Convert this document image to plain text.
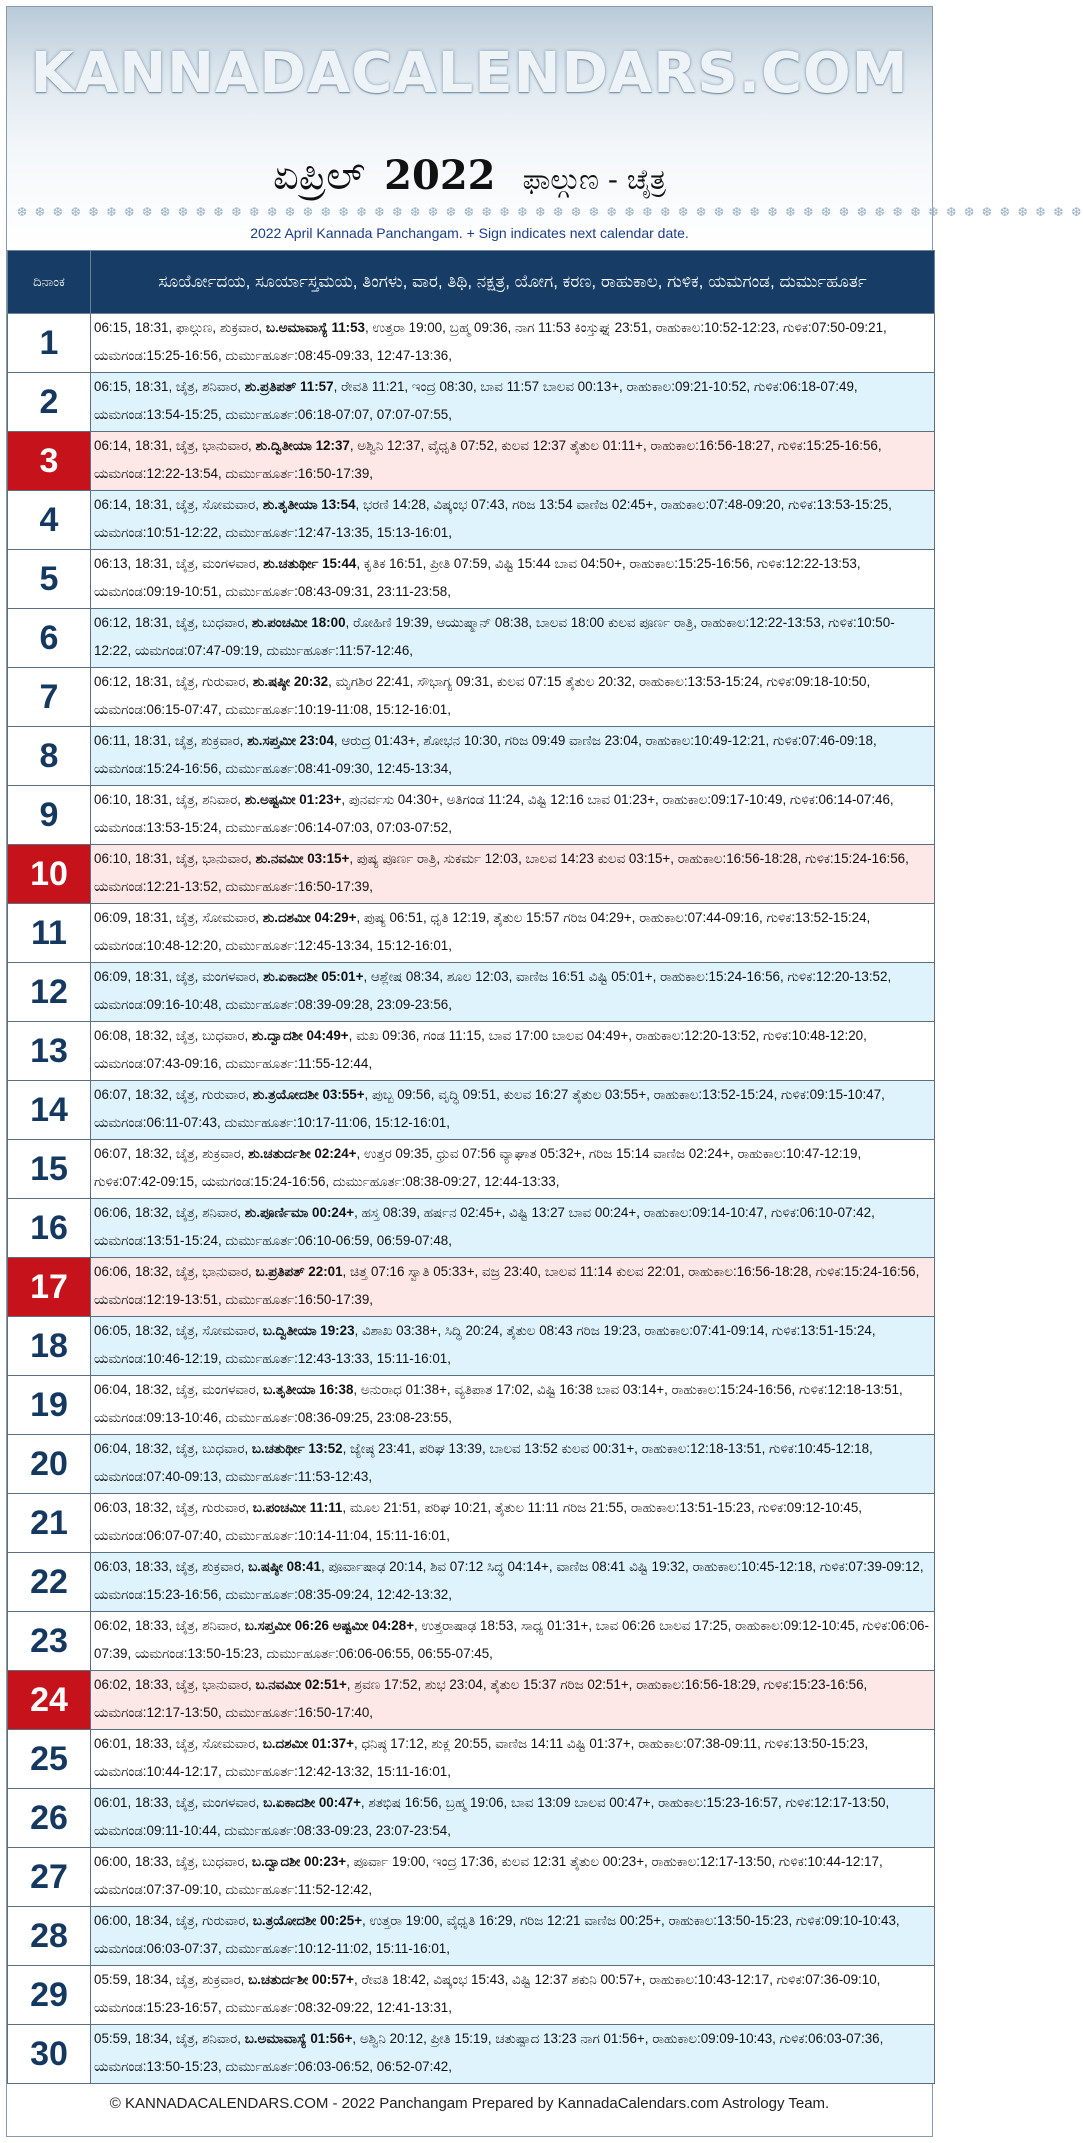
KANNADACALENDARS.COM
ಏಪ್ರಿಲ್ 2022 ಫಾಲ್ಗುಣ - ಚೈತ್ರ
❆ ❆ ❆ ❆ ❆ ❆ ❆ ❆ ❆ ❆ ❆ ❆ ❆ ❆ ❆ ❆ ❆ ❆ ❆ ❆ ❆ ❆ ❆ ❆ ❆ ❆ ❆ ❆ ❆ ❆ ❆ ❆ ❆ ❆ ❆ ❆ ❆ ❆ ❆ ❆ ❆ ❆ ❆ ❆ ❆ ❆ ❆ ❆ ❆ ❆ ❆ ❆ ❆ ❆ ❆ ❆ ❆ ❆ ❆ ❆
2022 April Kannada Panchangam. + Sign indicates next calendar date.
ದಿನಾಂಕ	ಸೂರ್ಯೋದಯ, ಸೂರ್ಯಾಸ್ತಮಯ, ತಿಂಗಳು, ವಾರ, ತಿಥಿ, ನಕ್ಷತ್ರ, ಯೋಗ, ಕರಣ, ರಾಹುಕಾಲ, ಗುಳಿಕ, ಯಮಗಂಡ, ದುರ್ಮುಹೂರ್ತ
1	06:15, 18:31, ಫಾಲ್ಗುಣ, ಶುಕ್ರವಾರ, ಬ.ಅಮಾವಾಸ್ಯೆ 11:53, ಉತ್ತರಾ 19:00, ಬ್ರಹ್ಮ 09:36, ನಾಗ 11:53 ಕಿಂಸ್ತುಘ್ನ 23:51, ರಾಹುಕಾಲ:10:52-12:23, ಗುಳಿಕ:07:50-09:21, ಯಮಗಂಡ:15:25-16:56, ದುರ್ಮುಹೂರ್ತ:08:45-09:33, 12:47-13:36,
2	06:15, 18:31, ಚೈತ್ರ, ಶನಿವಾರ, ಶು.ಪ್ರತಿಪತ್ 11:57, ರೇವತಿ 11:21, ಇಂದ್ರ 08:30, ಬಾವ 11:57 ಬಾಲವ 00:13+, ರಾಹುಕಾಲ:09:21-10:52, ಗುಳಿಕ:06:18-07:49, ಯಮಗಂಡ:13:54-15:25, ದುರ್ಮುಹೂರ್ತ:06:18-07:07, 07:07-07:55,
3	06:14, 18:31, ಚೈತ್ರ, ಭಾನುವಾರ, ಶು.ದ್ವಿತೀಯಾ 12:37, ಅಶ್ವಿನಿ 12:37, ವೈಧೃತಿ 07:52, ಕುಲವ 12:37 ತೈತುಲ 01:11+, ರಾಹುಕಾಲ:16:56-18:27, ಗುಳಿಕ:15:25-16:56, ಯಮಗಂಡ:12:22-13:54, ದುರ್ಮುಹೂರ್ತ:16:50-17:39,
4	06:14, 18:31, ಚೈತ್ರ, ಸೋಮವಾರ, ಶು.ತೃತೀಯಾ 13:54, ಭರಣಿ 14:28, ವಿಷ್ಕಂಭ 07:43, ಗರಿಜ 13:54 ವಾಣಿಜ 02:45+, ರಾಹುಕಾಲ:07:48-09:20, ಗುಳಿಕ:13:53-15:25, ಯಮಗಂಡ:10:51-12:22, ದುರ್ಮುಹೂರ್ತ:12:47-13:35, 15:13-16:01,
5	06:13, 18:31, ಚೈತ್ರ, ಮಂಗಳವಾರ, ಶು.ಚತುರ್ಥೀ 15:44, ಕೃತಿಕ 16:51, ಪ್ರೀತಿ 07:59, ವಿಷ್ಟಿ 15:44 ಬಾವ 04:50+, ರಾಹುಕಾಲ:15:25-16:56, ಗುಳಿಕ:12:22-13:53, ಯಮಗಂಡ:09:19-10:51, ದುರ್ಮುಹೂರ್ತ:08:43-09:31, 23:11-23:58,
6	06:12, 18:31, ಚೈತ್ರ, ಬುಧವಾರ, ಶು.ಪಂಚಮೀ 18:00, ರೋಹಿಣಿ 19:39, ಆಯುಷ್ಮಾನ್ 08:38, ಬಾಲವ 18:00 ಕುಲವ ಪೂರ್ಣ ರಾತ್ರಿ, ರಾಹುಕಾಲ:12:22-13:53, ಗುಳಿಕ:10:50-12:22, ಯಮಗಂಡ:07:47-09:19, ದುರ್ಮುಹೂರ್ತ:11:57-12:46,
7	06:12, 18:31, ಚೈತ್ರ, ಗುರುವಾರ, ಶು.ಷಷ್ಠೀ 20:32, ಮೃಗಶಿರ 22:41, ಸೌಭಾಗ್ಯ 09:31, ಕುಲವ 07:15 ತೈತುಲ 20:32, ರಾಹುಕಾಲ:13:53-15:24, ಗುಳಿಕ:09:18-10:50, ಯಮಗಂಡ:06:15-07:47, ದುರ್ಮುಹೂರ್ತ:10:19-11:08, 15:12-16:01,
8	06:11, 18:31, ಚೈತ್ರ, ಶುಕ್ರವಾರ, ಶು.ಸಪ್ತಮೀ 23:04, ಆರುದ್ರ 01:43+, ಶೋಭನ 10:30, ಗರಿಜ 09:49 ವಾಣಿಜ 23:04, ರಾಹುಕಾಲ:10:49-12:21, ಗುಳಿಕ:07:46-09:18, ಯಮಗಂಡ:15:24-16:56, ದುರ್ಮುಹೂರ್ತ:08:41-09:30, 12:45-13:34,
9	06:10, 18:31, ಚೈತ್ರ, ಶನಿವಾರ, ಶು.ಅಷ್ಟಮೀ 01:23+, ಪುನರ್ವಸು 04:30+, ಅತಿಗಂಡ 11:24, ವಿಷ್ಟಿ 12:16 ಬಾವ 01:23+, ರಾಹುಕಾಲ:09:17-10:49, ಗುಳಿಕ:06:14-07:46, ಯಮಗಂಡ:13:53-15:24, ದುರ್ಮುಹೂರ್ತ:06:14-07:03, 07:03-07:52,
10	06:10, 18:31, ಚೈತ್ರ, ಭಾನುವಾರ, ಶು.ನವಮೀ 03:15+, ಪುಷ್ಯ ಪೂರ್ಣ ರಾತ್ರಿ, ಸುಕರ್ಮ 12:03, ಬಾಲವ 14:23 ಕುಲವ 03:15+, ರಾಹುಕಾಲ:16:56-18:28, ಗುಳಿಕ:15:24-16:56, ಯಮಗಂಡ:12:21-13:52, ದುರ್ಮುಹೂರ್ತ:16:50-17:39,
11	06:09, 18:31, ಚೈತ್ರ, ಸೋಮವಾರ, ಶು.ದಶಮೀ 04:29+, ಪುಷ್ಯ 06:51, ಧೃತಿ 12:19, ತೈತುಲ 15:57 ಗರಿಜ 04:29+, ರಾಹುಕಾಲ:07:44-09:16, ಗುಳಿಕ:13:52-15:24, ಯಮಗಂಡ:10:48-12:20, ದುರ್ಮುಹೂರ್ತ:12:45-13:34, 15:12-16:01,
12	06:09, 18:31, ಚೈತ್ರ, ಮಂಗಳವಾರ, ಶು.ಏಕಾದಶೀ 05:01+, ಆಶ್ಲೇಷ 08:34, ಶೂಲ 12:03, ವಾಣಿಜ 16:51 ವಿಷ್ಟಿ 05:01+, ರಾಹುಕಾಲ:15:24-16:56, ಗುಳಿಕ:12:20-13:52, ಯಮಗಂಡ:09:16-10:48, ದುರ್ಮುಹೂರ್ತ:08:39-09:28, 23:09-23:56,
13	06:08, 18:32, ಚೈತ್ರ, ಬುಧವಾರ, ಶು.ದ್ವಾದಶೀ 04:49+, ಮಖ 09:36, ಗಂಡ 11:15, ಬಾವ 17:00 ಬಾಲವ 04:49+, ರಾಹುಕಾಲ:12:20-13:52, ಗುಳಿಕ:10:48-12:20, ಯಮಗಂಡ:07:43-09:16, ದುರ್ಮುಹೂರ್ತ:11:55-12:44,
14	06:07, 18:32, ಚೈತ್ರ, ಗುರುವಾರ, ಶು.ತ್ರಯೋದಶೀ 03:55+, ಪುಬ್ಬ 09:56, ವೃದ್ಧಿ 09:51, ಕುಲವ 16:27 ತೈತುಲ 03:55+, ರಾಹುಕಾಲ:13:52-15:24, ಗುಳಿಕ:09:15-10:47, ಯಮಗಂಡ:06:11-07:43, ದುರ್ಮುಹೂರ್ತ:10:17-11:06, 15:12-16:01,
15	06:07, 18:32, ಚೈತ್ರ, ಶುಕ್ರವಾರ, ಶು.ಚತುರ್ದಶೀ 02:24+, ಉತ್ತರ 09:35, ಧ್ರುವ 07:56 ವ್ಯಾಘಾತ 05:32+, ಗರಿಜ 15:14 ವಾಣಿಜ 02:24+, ರಾಹುಕಾಲ:10:47-12:19, ಗುಳಿಕ:07:42-09:15, ಯಮಗಂಡ:15:24-16:56, ದುರ್ಮುಹೂರ್ತ:08:38-09:27, 12:44-13:33,
16	06:06, 18:32, ಚೈತ್ರ, ಶನಿವಾರ, ಶು.ಪೂರ್ಣಿಮಾ 00:24+, ಹಸ್ತ 08:39, ಹರ್ಷನ 02:45+, ವಿಷ್ಟಿ 13:27 ಬಾವ 00:24+, ರಾಹುಕಾಲ:09:14-10:47, ಗುಳಿಕ:06:10-07:42, ಯಮಗಂಡ:13:51-15:24, ದುರ್ಮುಹೂರ್ತ:06:10-06:59, 06:59-07:48,
17	06:06, 18:32, ಚೈತ್ರ, ಭಾನುವಾರ, ಬ.ಪ್ರತಿಪತ್ 22:01, ಚಿತ್ತ 07:16 ಸ್ವಾತಿ 05:33+, ವಜ್ರ 23:40, ಬಾಲವ 11:14 ಕುಲವ 22:01, ರಾಹುಕಾಲ:16:56-18:28, ಗುಳಿಕ:15:24-16:56, ಯಮಗಂಡ:12:19-13:51, ದುರ್ಮುಹೂರ್ತ:16:50-17:39,
18	06:05, 18:32, ಚೈತ್ರ, ಸೋಮವಾರ, ಬ.ದ್ವಿತೀಯಾ 19:23, ವಿಶಾಖ 03:38+, ಸಿದ್ಧಿ 20:24, ತೈತುಲ 08:43 ಗರಿಜ 19:23, ರಾಹುಕಾಲ:07:41-09:14, ಗುಳಿಕ:13:51-15:24, ಯಮಗಂಡ:10:46-12:19, ದುರ್ಮುಹೂರ್ತ:12:43-13:33, 15:11-16:01,
19	06:04, 18:32, ಚೈತ್ರ, ಮಂಗಳವಾರ, ಬ.ತೃತೀಯಾ 16:38, ಅನುರಾಧ 01:38+, ವ್ಯತಿಪಾತ 17:02, ವಿಷ್ಟಿ 16:38 ಬಾವ 03:14+, ರಾಹುಕಾಲ:15:24-16:56, ಗುಳಿಕ:12:18-13:51, ಯಮಗಂಡ:09:13-10:46, ದುರ್ಮುಹೂರ್ತ:08:36-09:25, 23:08-23:55,
20	06:04, 18:32, ಚೈತ್ರ, ಬುಧವಾರ, ಬ.ಚತುರ್ಥೀ 13:52, ಜ್ಯೇಷ್ಠ 23:41, ಪರಿಘ 13:39, ಬಾಲವ 13:52 ಕುಲವ 00:31+, ರಾಹುಕಾಲ:12:18-13:51, ಗುಳಿಕ:10:45-12:18, ಯಮಗಂಡ:07:40-09:13, ದುರ್ಮುಹೂರ್ತ:11:53-12:43,
21	06:03, 18:32, ಚೈತ್ರ, ಗುರುವಾರ, ಬ.ಪಂಚಮೀ 11:11, ಮೂಲ 21:51, ಪರಿಘ 10:21, ತೈತುಲ 11:11 ಗರಿಜ 21:55, ರಾಹುಕಾಲ:13:51-15:23, ಗುಳಿಕ:09:12-10:45, ಯಮಗಂಡ:06:07-07:40, ದುರ್ಮುಹೂರ್ತ:10:14-11:04, 15:11-16:01,
22	06:03, 18:33, ಚೈತ್ರ, ಶುಕ್ರವಾರ, ಬ.ಷಷ್ಠೀ 08:41, ಪೂರ್ವಾಷಾಢ 20:14, ಶಿವ 07:12 ಸಿದ್ಧ 04:14+, ವಾಣಿಜ 08:41 ವಿಷ್ಟಿ 19:32, ರಾಹುಕಾಲ:10:45-12:18, ಗುಳಿಕ:07:39-09:12, ಯಮಗಂಡ:15:23-16:56, ದುರ್ಮುಹೂರ್ತ:08:35-09:24, 12:42-13:32,
23	06:02, 18:33, ಚೈತ್ರ, ಶನಿವಾರ, ಬ.ಸಪ್ತಮೀ 06:26 ಅಷ್ಟಮೀ 04:28+, ಉತ್ತರಾಷಾಢ 18:53, ಸಾಧ್ಯ 01:31+, ಬಾವ 06:26 ಬಾಲವ 17:25, ರಾಹುಕಾಲ:09:12-10:45, ಗುಳಿಕ:06:06-07:39, ಯಮಗಂಡ:13:50-15:23, ದುರ್ಮುಹೂರ್ತ:06:06-06:55, 06:55-07:45,
24	06:02, 18:33, ಚೈತ್ರ, ಭಾನುವಾರ, ಬ.ನವಮೀ 02:51+, ಶ್ರವಣ 17:52, ಶುಭ 23:04, ತೈತುಲ 15:37 ಗರಿಜ 02:51+, ರಾಹುಕಾಲ:16:56-18:29, ಗುಳಿಕ:15:23-16:56, ಯಮಗಂಡ:12:17-13:50, ದುರ್ಮುಹೂರ್ತ:16:50-17:40,
25	06:01, 18:33, ಚೈತ್ರ, ಸೋಮವಾರ, ಬ.ದಶಮೀ 01:37+, ಧನಿಷ್ಠ 17:12, ಶುಕ್ಲ 20:55, ವಾಣಿಜ 14:11 ವಿಷ್ಟಿ 01:37+, ರಾಹುಕಾಲ:07:38-09:11, ಗುಳಿಕ:13:50-15:23, ಯಮಗಂಡ:10:44-12:17, ದುರ್ಮುಹೂರ್ತ:12:42-13:32, 15:11-16:01,
26	06:01, 18:33, ಚೈತ್ರ, ಮಂಗಳವಾರ, ಬ.ಏಕಾದಶೀ 00:47+, ಶತಭಿಷ 16:56, ಬ್ರಹ್ಮ 19:06, ಬಾವ 13:09 ಬಾಲವ 00:47+, ರಾಹುಕಾಲ:15:23-16:57, ಗುಳಿಕ:12:17-13:50, ಯಮಗಂಡ:09:11-10:44, ದುರ್ಮುಹೂರ್ತ:08:33-09:23, 23:07-23:54,
27	06:00, 18:33, ಚೈತ್ರ, ಬುಧವಾರ, ಬ.ದ್ವಾದಶೀ 00:23+, ಪೂರ್ವಾ 19:00, ಇಂದ್ರ 17:36, ಕುಲವ 12:31 ತೈತುಲ 00:23+, ರಾಹುಕಾಲ:12:17-13:50, ಗುಳಿಕ:10:44-12:17, ಯಮಗಂಡ:07:37-09:10, ದುರ್ಮುಹೂರ್ತ:11:52-12:42,
28	06:00, 18:34, ಚೈತ್ರ, ಗುರುವಾರ, ಬ.ತ್ರಯೋದಶೀ 00:25+, ಉತ್ತರಾ 19:00, ವೈಧೃತಿ 16:29, ಗರಿಜ 12:21 ವಾಣಿಜ 00:25+, ರಾಹುಕಾಲ:13:50-15:23, ಗುಳಿಕ:09:10-10:43, ಯಮಗಂಡ:06:03-07:37, ದುರ್ಮುಹೂರ್ತ:10:12-11:02, 15:11-16:01,
29	05:59, 18:34, ಚೈತ್ರ, ಶುಕ್ರವಾರ, ಬ.ಚತುರ್ದಶೀ 00:57+, ರೇವತಿ 18:42, ವಿಷ್ಕಂಭ 15:43, ವಿಷ್ಟಿ 12:37 ಶಕುನಿ 00:57+, ರಾಹುಕಾಲ:10:43-12:17, ಗುಳಿಕ:07:36-09:10, ಯಮಗಂಡ:15:23-16:57, ದುರ್ಮುಹೂರ್ತ:08:32-09:22, 12:41-13:31,
30	05:59, 18:34, ಚೈತ್ರ, ಶನಿವಾರ, ಬ.ಅಮಾವಾಸ್ಯೆ 01:56+, ಅಶ್ವಿನಿ 20:12, ಪ್ರೀತಿ 15:19, ಚತುಷ್ಪಾದ 13:23 ನಾಗ 01:56+, ರಾಹುಕಾಲ:09:09-10:43, ಗುಳಿಕ:06:03-07:36, ಯಮಗಂಡ:13:50-15:23, ದುರ್ಮುಹೂರ್ತ:06:03-06:52, 06:52-07:42,
© KANNADACALENDARS.COM - 2022 Panchangam Prepared by KannadaCalendars.com Astrology Team.
